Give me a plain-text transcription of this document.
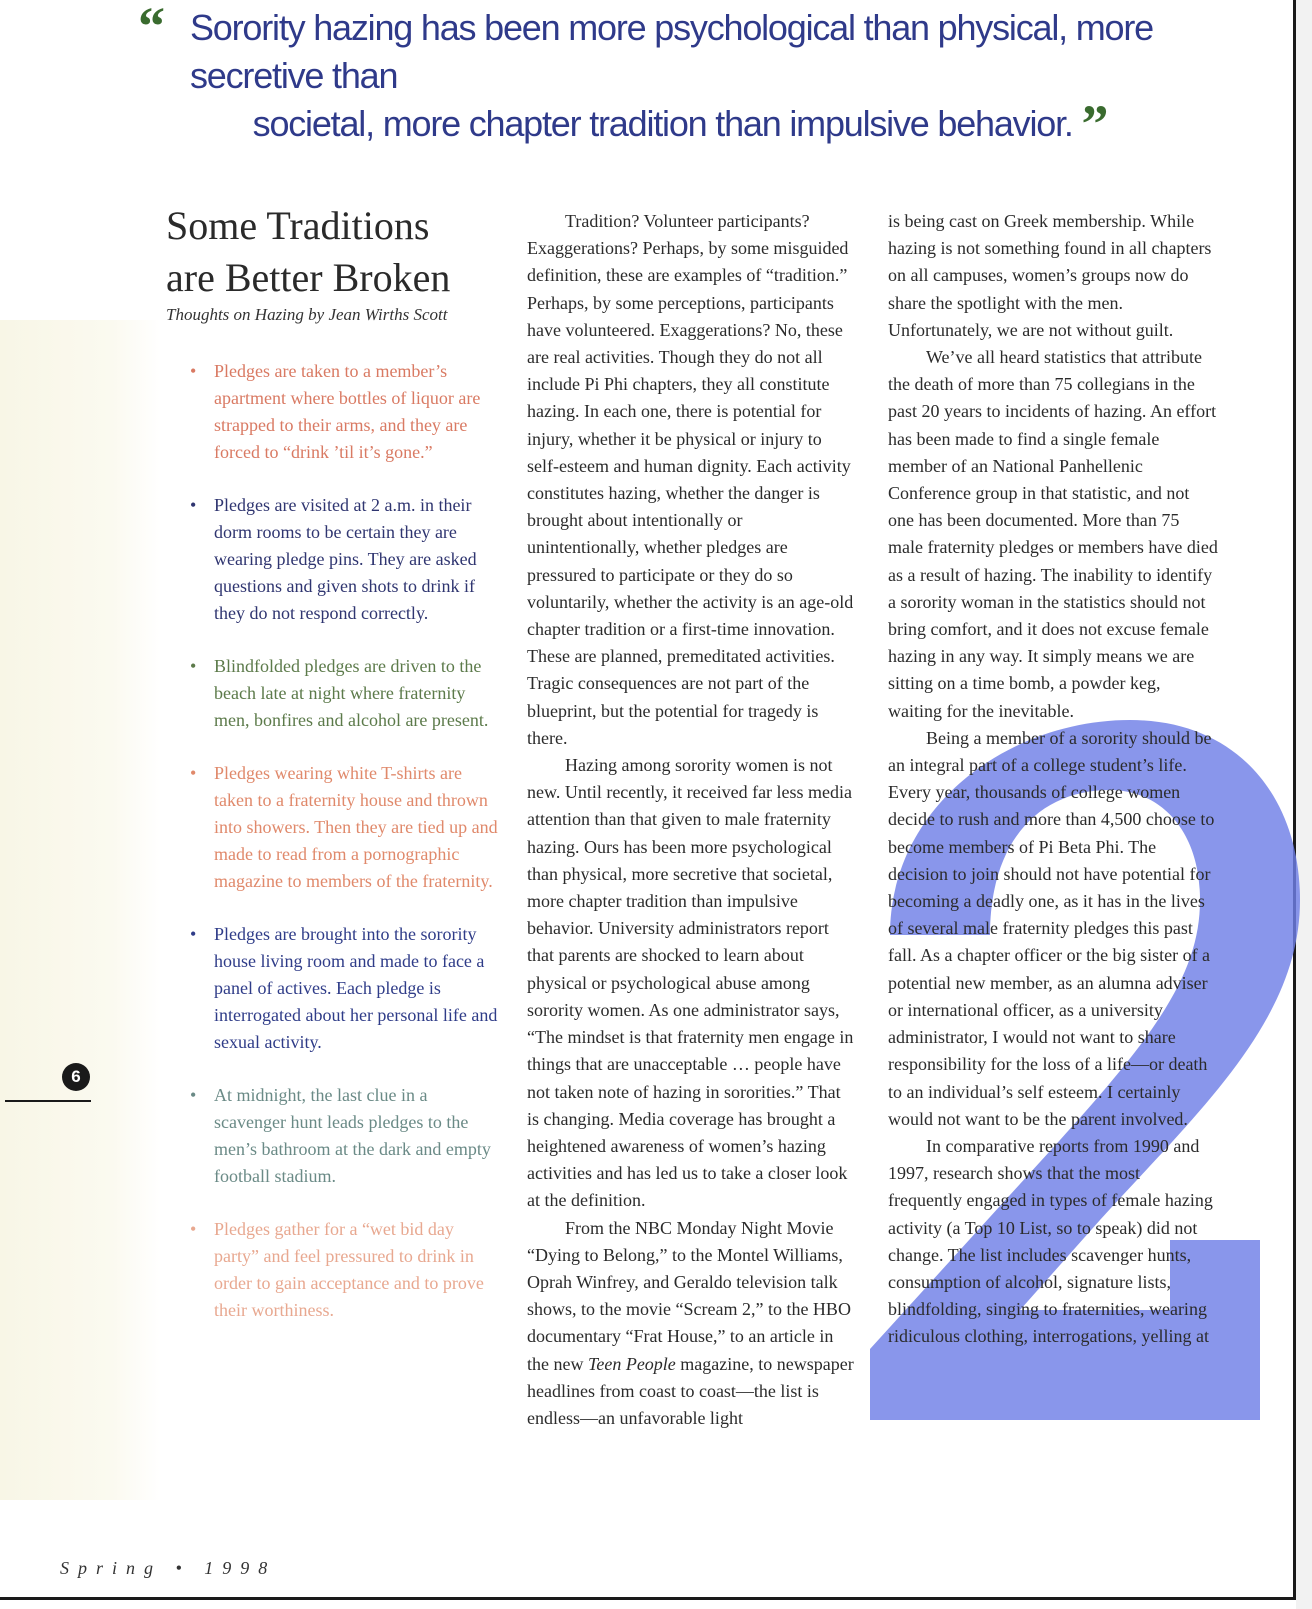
“ Sorority hazing has been more psychological than physical, more secretive than
societal, more chapter tradition than impulsive behavior. ”
Some Traditions
are Better Broken
Thoughts on Hazing by Jean Wirths Scott
• Pledges are taken to a member’s apartment where bottles of liquor are strapped to their arms, and they are forced to “drink ’til it’s gone.”
• Pledges are visited at 2 a.m. in their dorm rooms to be certain they are wearing pledge pins. They are asked questions and given shots to drink if they do not respond correctly.
• Blindfolded pledges are driven to the beach late at night where fraternity men, bonfires and alcohol are present.
• Pledges wearing white T-shirts are taken to a fraternity house and thrown into showers. Then they are tied up and made to read from a pornographic magazine to members of the fraternity.
• Pledges are brought into the sorority house living room and made to face a panel of actives. Each pledge is interrogated about her personal life and sexual activity.
• At midnight, the last clue in a scavenger hunt leads pledges to the men’s bathroom at the dark and empty football stadium.
• Pledges gather for a “wet bid day party” and feel pressured to drink in order to gain acceptance and to prove their worthiness.
6

Tradition? Volunteer participants? Exaggerations? Perhaps, by some misguided definition, these are examples of “tradition.” Perhaps, by some perceptions, participants have volunteered. Exaggerations? No, these are real activities. Though they do not all include Pi Phi chapters, they all constitute hazing. In each one, there is potential for injury, whether it be physical or injury to self-esteem and human dignity. Each activity constitutes hazing, whether the danger is brought about intentionally or unintentionally, whether pledges are pressured to participate or they do so voluntarily, whether the activity is an age-old chapter tradition or a first-time innovation. These are planned, premeditated activities. Tragic consequences are not part of the blueprint, but the potential for tragedy is there.

Hazing among sorority women is not new. Until recently, it received far less media attention than that given to male fraternity hazing. Ours has been more psychological than physical, more secretive that societal, more chapter tradition than impulsive behavior. University administrators report that parents are shocked to learn about physical or psychological abuse among sorority women. As one administrator says, “The mindset is that fraternity men engage in things that are unacceptable … people have not taken note of hazing in sororities.” That is changing. Media coverage has brought a heightened awareness of women’s hazing activities and has led us to take a closer look at the definition.

From the NBC Monday Night Movie “Dying to Belong,” to the Montel Williams, Oprah Winfrey, and Geraldo television talk shows, to the movie “Scream 2,” to the HBO documentary “Frat House,” to an article in the new Teen People magazine, to newspaper headlines from coast to coast—the list is endless—an unfavorable light

is being cast on Greek membership. While hazing is not something found in all chapters on all campuses, women’s groups now do share the spotlight with the men. Unfortunately, we are not without guilt.

We’ve all heard statistics that attribute the death of more than 75 collegians in the past 20 years to incidents of hazing. An effort has been made to find a single female member of an National Panhellenic Conference group in that statistic, and not one has been documented. More than 75 male fraternity pledges or members have died as a result of hazing. The inability to identify a sorority woman in the statistics should not bring comfort, and it does not excuse female hazing in any way. It simply means we are sitting on a time bomb, a powder keg, waiting for the inevitable.

Being a member of a sorority should be an integral part of a college student’s life. Every year, thousands of college women decide to rush and more than 4,500 choose to become members of Pi Beta Phi. The decision to join should not have potential for becoming a deadly one, as it has in the lives of several male fraternity pledges this past fall. As a chapter officer or the big sister of a potential new member, as an alumna adviser or international officer, as a university administrator, I would not want to share responsibility for the loss of a life—or death to an individual’s self esteem. I certainly would not want to be the parent involved.

In comparative reports from 1990 and 1997, research shows that the most frequently engaged in types of female hazing activity (a Top 10 List, so to speak) did not change. The list includes scavenger hunts, consumption of alcohol, signature lists, blindfolding, singing to fraternities, wearing ridiculous clothing, interrogations, yelling at

Spring • 1998
